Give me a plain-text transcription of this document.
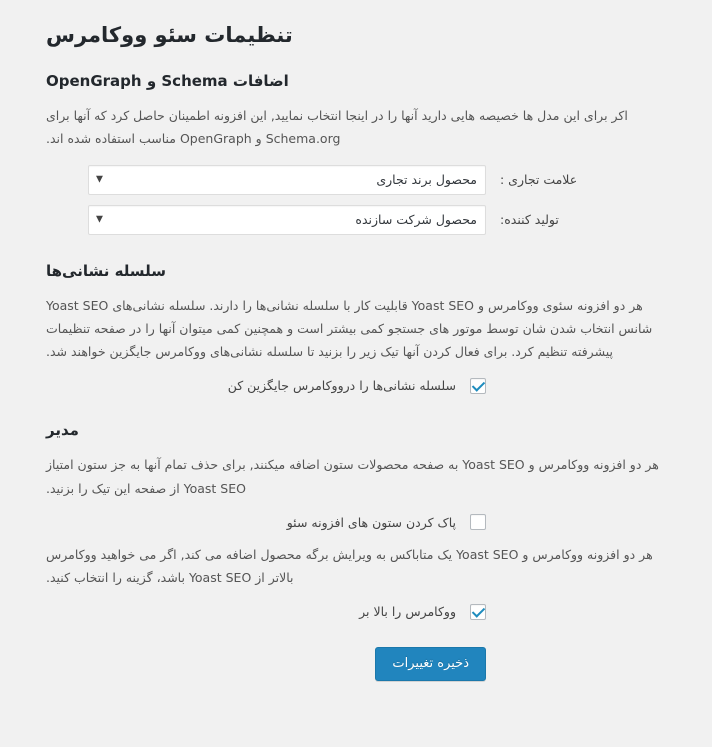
تنظیمات سئو ووکامرس
اضافات Schema و OpenGraph

اکر برای این مدل ها خصیصه هایی دارید آنها را در اینجا انتخاب نمایید, این افزونه اطمینان حاصل کرد که آنها برای Schema.org و OpenGraph مناسب استفاده شده اند.

علامت تجاری :
محصول برند تجاری
▼
تولید کننده:
محصول شرکت سازنده
▼
سلسله نشانی‌ها

هر دو افزونه سئوی ووکامرس و Yoast SEO قابلیت کار با سلسله نشانی‌ها را دارند. سلسله نشانی‌های Yoast SEO شانس انتخاب شدن شان توسط موتور های جستجو کمی بیشتر است و همچنین کمی میتوان آنها را در صفحه تنظیمات پیشرفته تنظیم کرد. برای فعال کردن آنها تیک زیر را بزنید تا سلسله نشانی‌های ووکامرس جایگزین خواهند شد.

سلسله نشانی‌ها را درووکامرس جایگزین کن
مدیر

هر دو افزونه ووکامرس و Yoast SEO به صفحه محصولات ستون اضافه میکنند, برای حذف تمام آنها به جز ستون امتیاز Yoast SEO از صفحه این تیک را بزنید.

پاک کردن ستون های افزونه سئو

هر دو افزونه ووکامرس و Yoast SEO یک متاباکس به ویرایش برگه محصول اضافه می کند, اگر می خواهید ووکامرس بالاتر از Yoast SEO باشد، گزینه را انتخاب کنید.

ووکامرس را بالا بر
ذخیره تغییرات
